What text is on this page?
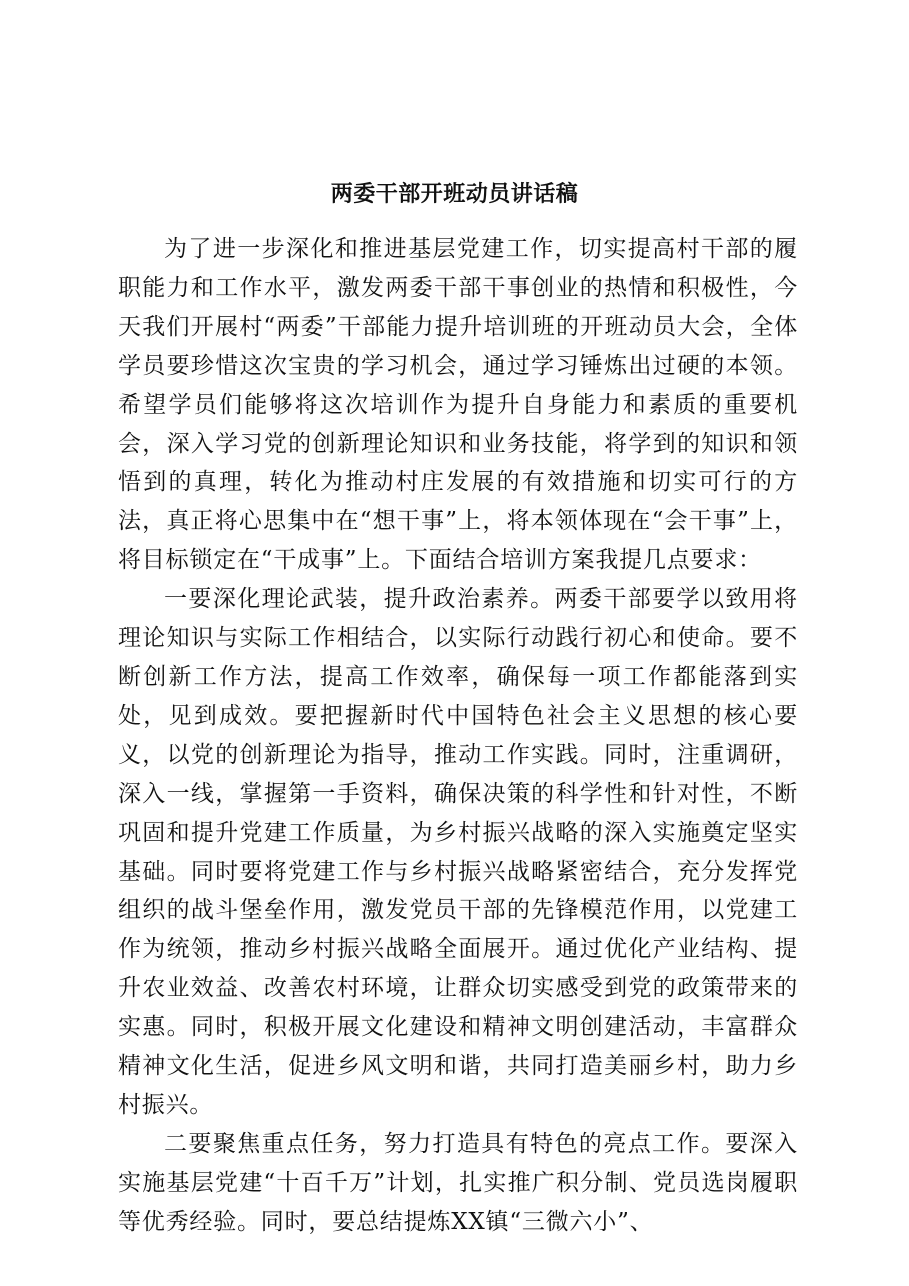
两委干部开班动员讲话稿

为了进一步深化和推进基层党建工作，切实提高村干部的履职能力和工作水平，激发两委干部干事创业的热情和积极性，今天我们开展村“两委”干部能力提升培训班的开班动员大会，全体学员要珍惜这次宝贵的学习机会，通过学习锤炼出过硬的本领。希望学员们能够将这次培训作为提升自身能力和素质的重要机会，深入学习党的创新理论知识和业务技能，将学到的知识和领悟到的真理，转化为推动村庄发展的有效措施和切实可行的方法，真正将心思集中在“想干事”上，将本领体现在“会干事”上，将目标锁定在“干成事”上。下面结合培训方案我提几点要求：

一要深化理论武装，提升政治素养。两委干部要学以致用将理论知识与实际工作相结合，以实际行动践行初心和使命。要不断创新工作方法，提高工作效率，确保每一项工作都能落到实处，见到成效。要把握新时代中国特色社会主义思想的核心要义，以党的创新理论为指导，推动工作实践。同时，注重调研，深入一线，掌握第一手资料，确保决策的科学性和针对性，不断巩固和提升党建工作质量，为乡村振兴战略的深入实施奠定坚实基础。同时要将党建工作与乡村振兴战略紧密结合，充分发挥党组织的战斗堡垒作用，激发党员干部的先锋模范作用，以党建工作为统领，推动乡村振兴战略全面展开。通过优化产业结构、提升农业效益、改善农村环境，让群众切实感受到党的政策带来的实惠。同时，积极开展文化建设和精神文明创建活动，丰富群众精神文化生活，促进乡风文明和谐，共同打造美丽乡村，助力乡村振兴。

二要聚焦重点任务，努力打造具有特色的亮点工作。要深入实施基层党建“十百千万”计划，扎实推广积分制、党员选岗履职等优秀经验。同时，要总结提炼XX镇“三微六小”、
